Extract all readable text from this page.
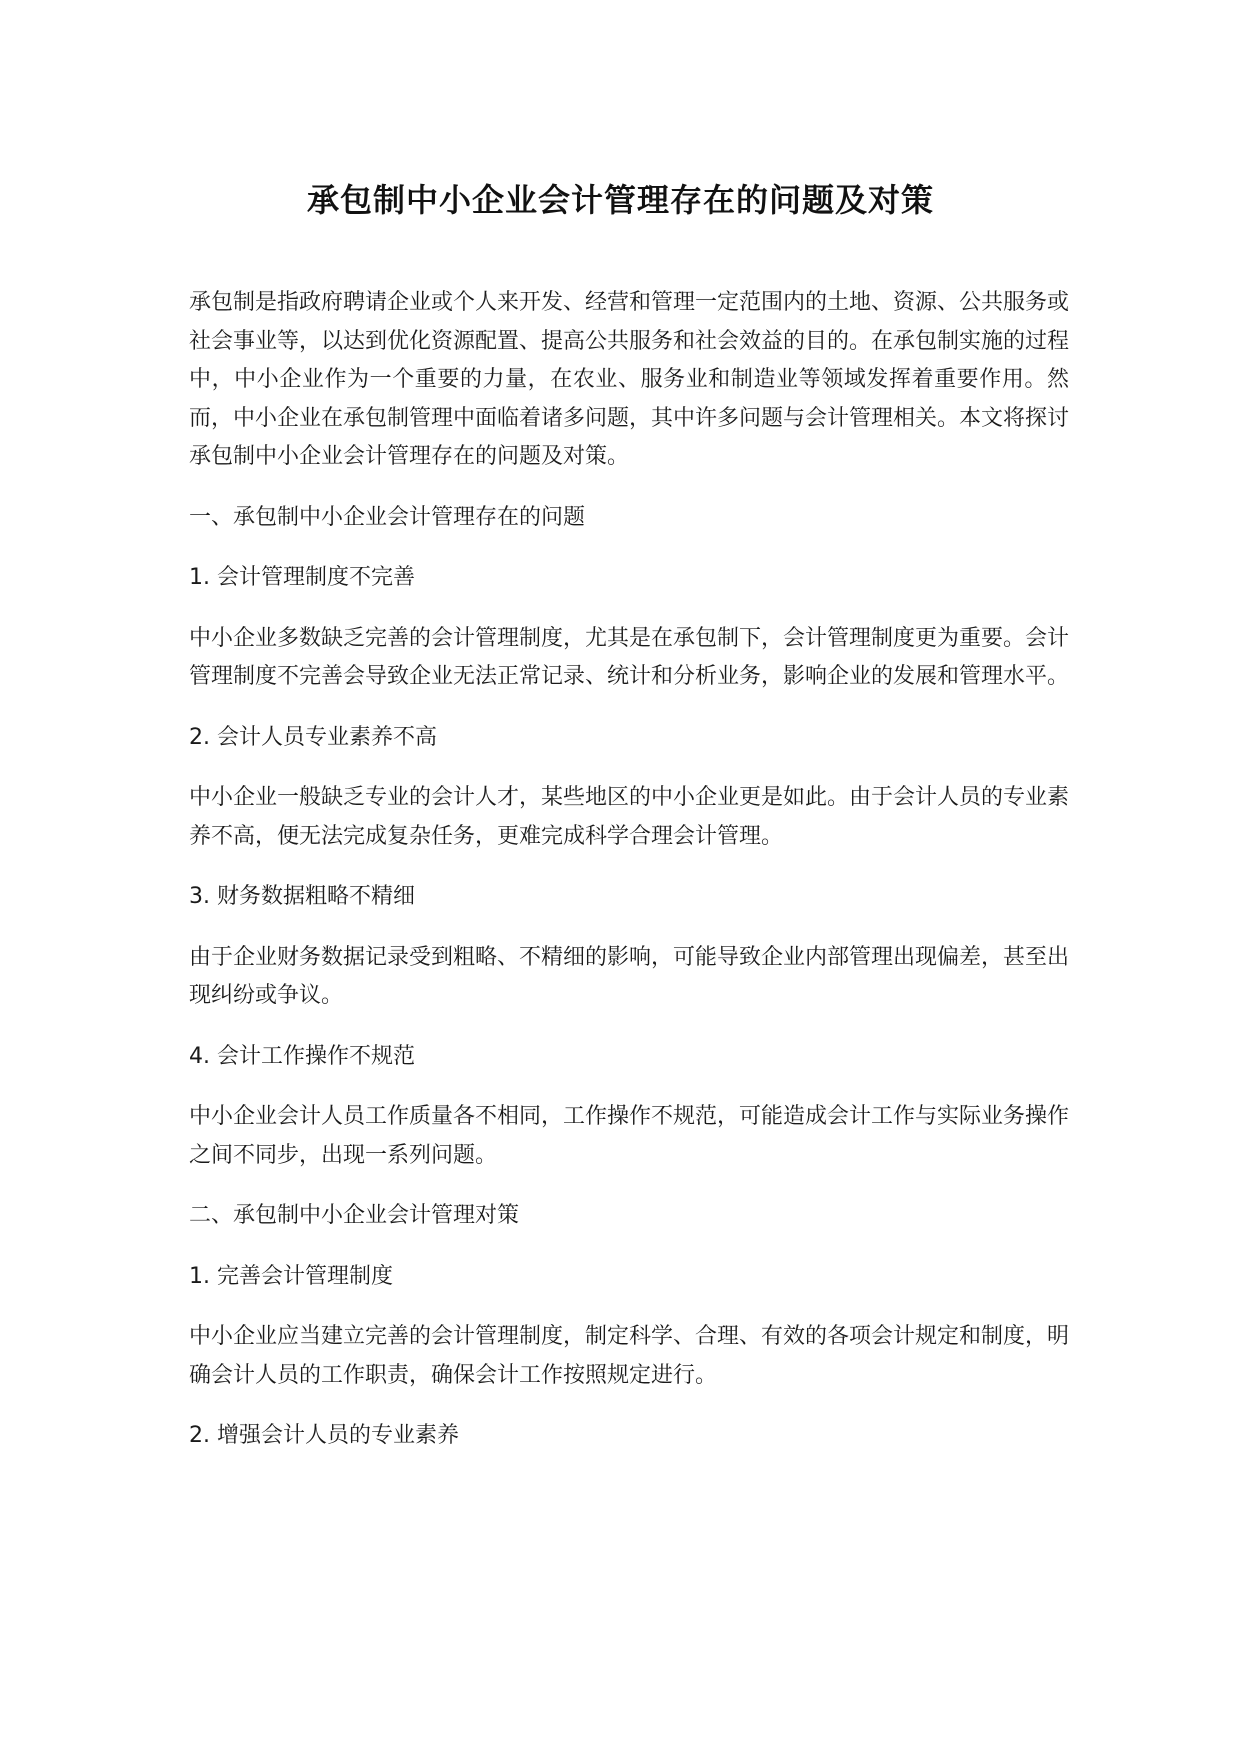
承包制中小企业会计管理存在的问题及对策

承包制是指政府聘请企业或个人来开发、经营和管理一定范围内的土地、资源、公共服务或社会事业等，以达到优化资源配置、提高公共服务和社会效益的目的。在承包制实施的过程中，中小企业作为一个重要的力量，在农业、服务业和制造业等领域发挥着重要作用。然而，中小企业在承包制管理中面临着诸多问题，其中许多问题与会计管理相关。本文将探讨承包制中小企业会计管理存在的问题及对策。

一、承包制中小企业会计管理存在的问题

1. 会计管理制度不完善

中小企业多数缺乏完善的会计管理制度，尤其是在承包制下，会计管理制度更为重要。会计管理制度不完善会导致企业无法正常记录、统计和分析业务，影响企业的发展和管理水平。

2. 会计人员专业素养不高

中小企业一般缺乏专业的会计人才，某些地区的中小企业更是如此。由于会计人员的专业素养不高，便无法完成复杂任务，更难完成科学合理会计管理。

3. 财务数据粗略不精细

由于企业财务数据记录受到粗略、不精细的影响，可能导致企业内部管理出现偏差，甚至出现纠纷或争议。

4. 会计工作操作不规范

中小企业会计人员工作质量各不相同，工作操作不规范，可能造成会计工作与实际业务操作之间不同步，出现一系列问题。

二、承包制中小企业会计管理对策

1. 完善会计管理制度

中小企业应当建立完善的会计管理制度，制定科学、合理、有效的各项会计规定和制度，明确会计人员的工作职责，确保会计工作按照规定进行。

2. 增强会计人员的专业素养
